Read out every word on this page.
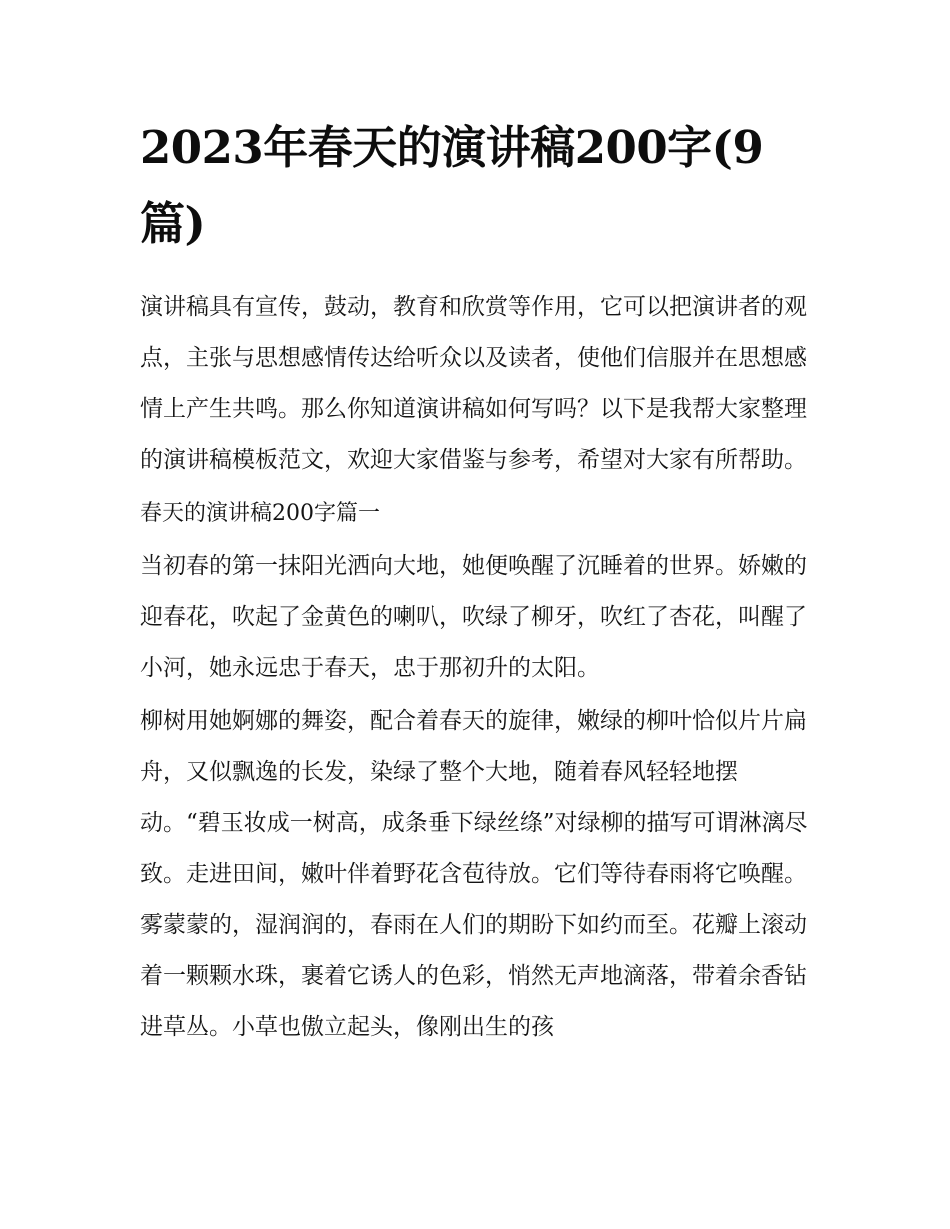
2023年春天的演讲稿200字(9篇)

演讲稿具有宣传，鼓动，教育和欣赏等作用，它可以把演讲者的观点，主张与思想感情传达给听众以及读者，使他们信服并在思想感情上产生共鸣。那么你知道演讲稿如何写吗？以下是我帮大家整理的演讲稿模板范文，欢迎大家借鉴与参考，希望对大家有所帮助。

春天的演讲稿200字篇一

当初春的第一抹阳光洒向大地，她便唤醒了沉睡着的世界。娇嫩的迎春花，吹起了金黄色的喇叭，吹绿了柳牙，吹红了杏花，叫醒了小河，她永远忠于春天，忠于那初升的太阳。

柳树用她婀娜的舞姿，配合着春天的旋律，嫩绿的柳叶恰似片片扁舟，又似飘逸的长发，染绿了整个大地，随着春风轻轻地摆动。“碧玉妆成一树高，成条垂下绿丝绦”对绿柳的描写可谓淋漓尽致。走进田间，嫩叶伴着野花含苞待放。它们等待春雨将它唤醒。雾蒙蒙的，湿润润的，春雨在人们的期盼下如约而至。花瓣上滚动着一颗颗水珠，裹着它诱人的色彩，悄然无声地滴落，带着余香钻进草丛。小草也傲立起头，像刚出生的孩
